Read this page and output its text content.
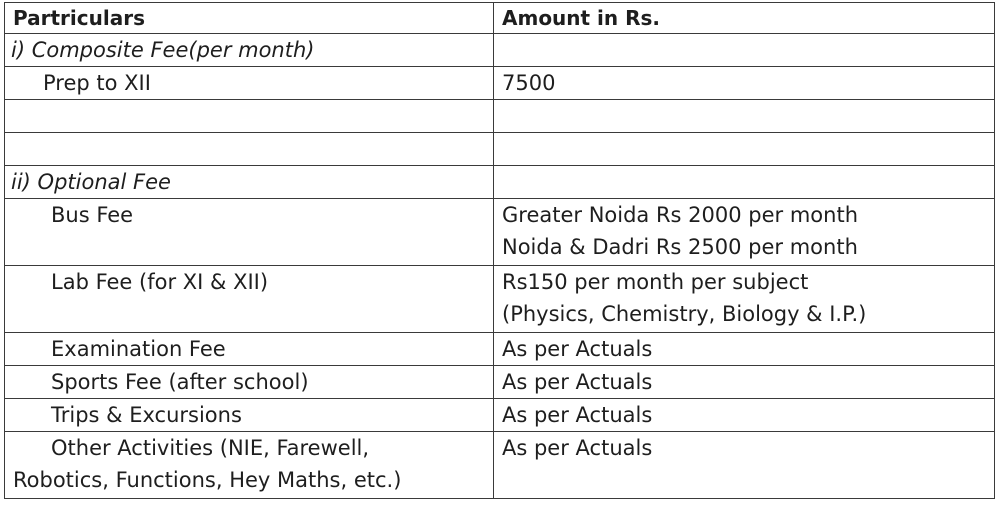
Partriculars	Amount in Rs.
i) Composite Fee(per month)	
Prep to XII	7500

ii) Optional Fee	
Bus Fee	Greater Noida Rs 2000 per month
Noida & Dadri Rs 2500 per month

Lab Fee (for XI & XII)	Rs150 per month per subject
(Physics, Chemistry, Biology & I.P.)

Examination Fee	As per Actuals
Sports Fee (after school)	As per Actuals
Trips & Excursions	As per Actuals

Other Activities (NIE, Farewell,
Robotics, Functions, Hey Maths, etc.)	As per Actuals
